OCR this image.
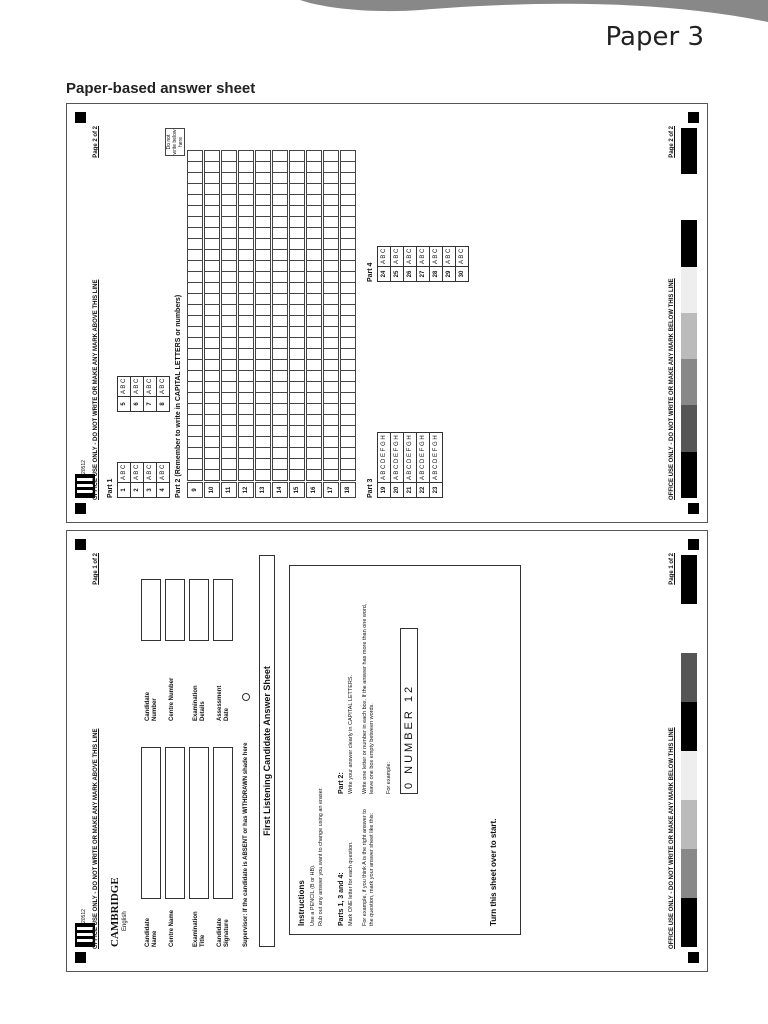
Paper 3
Paper-based answer sheet
20512 OFFICE USE ONLY - DO NOT WRITE OR MAKE ANY MARK ABOVE THIS LINE
Page 1 of 2
CAMBRIDGE English	Candidate Name Centre Name	Examination Title Candidate Signature
Candidate Number Centre Number	Examination Details Assessment Date
Supervisor: If the candidate is ABSENT or has WITHDRAWN shade here	First Listening Candidate Answer Sheet
Instructions Use a PENCIL (B or HB). Rub out any answer you want to change using an eraser. Parts 1, 3 and 4: Mark ONE letter for each question. For example, if you think A is the right answer to the question, mark your answer sheet like this:
Part 2: Write your answer clearly in CAPITAL LETTERS. Write one letter or number in each box. If the answer has more than one word, leave one box empty between words. For example: 0 NUMBER 12
Turn this sheet over to start.	OFFICE USE ONLY - DO NOT WRITE OR MAKE ANY MARK BELOW THIS LINE
Page 1 of 2
20512 OFFICE USE ONLY - DO NOT WRITE OR MAKE ANY MARK ABOVE THIS LINE
Page 2 of 2
Part 1 1	A B C
2	A B C
3	A B C
4	A B C
5	A B C
6	A B C
7	A B C
8	A B C Part 2 (Remember to write in CAPITAL LETTERS or numbers)
Do not write below here
9	10	11	12	13	14	15	16	17	18	Part 3 19	A B C D E F G H
20	A B C D E F G H
21	A B C D E F G H
22	A B C D E F G H
23	A B C D E F G H
Part 4 24	A B C
25	A B C
26	A B C
27	A B C
28	A B C
29	A B C
30	A B C
OFFICE USE ONLY - DO NOT WRITE OR MAKE ANY MARK BELOW THIS LINE
Page 2 of 2
